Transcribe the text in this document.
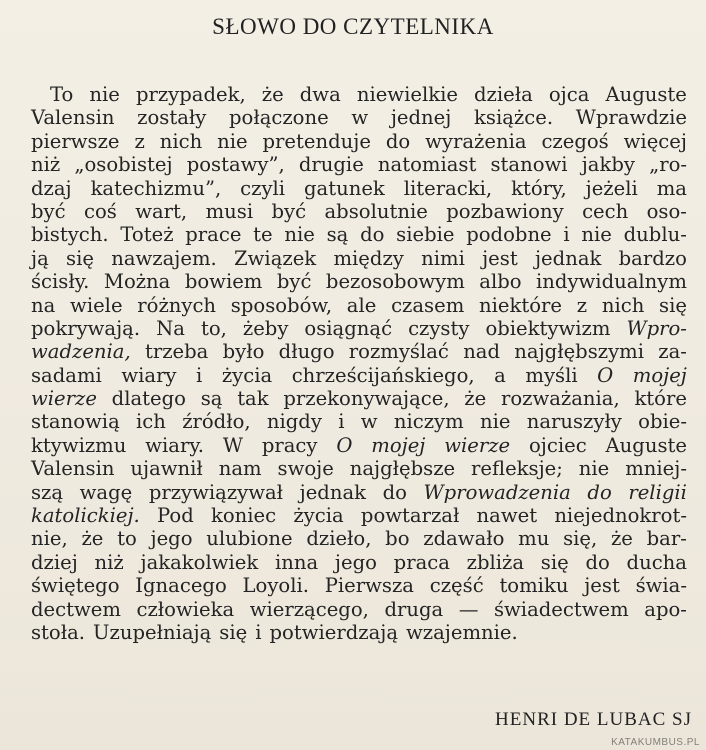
SŁOWO DO CZYTELNIKA
To nie przypadek, że dwa niewielkie dzieła ojca Auguste
Valensin zostały połączone w jednej książce. Wprawdzie
pierwsze z nich nie pretenduje do wyrażenia czegoś więcej
niż „osobistej postawy”, drugie natomiast stanowi jakby „ro-
dzaj katechizmu”, czyli gatunek literacki, który, jeżeli ma
być coś wart, musi być absolutnie pozbawiony cech oso-
bistych. Toteż prace te nie są do siebie podobne i nie dublu-
ją się nawzajem. Związek między nimi jest jednak bardzo
ścisły. Można bowiem być bezosobowym albo indywidualnym
na wiele różnych sposobów, ale czasem niektóre z nich się
pokrywają. Na to, żeby osiągnąć czysty obiektywizm Wpro-
wadzenia, trzeba było długo rozmyślać nad najgłębszymi za-
sadami wiary i życia chrześcijańskiego, a myśli O mojej
wierze dlatego są tak przekonywające, że rozważania, które
stanowią ich źródło, nigdy i w niczym nie naruszyły obie-
ktywizmu wiary. W pracy O mojej wierze ojciec Auguste
Valensin ujawnił nam swoje najgłębsze refleksje; nie mniej-
szą wagę przywiązywał jednak do Wprowadzenia do religii
katolickiej. Pod koniec życia powtarzał nawet niejednokrot-
nie, że to jego ulubione dzieło, bo zdawało mu się, że bar-
dziej niż jakakolwiek inna jego praca zbliża się do ducha
świętego Ignacego Loyoli. Pierwsza część tomiku jest świa-
dectwem człowieka wierzącego, druga — świadectwem apo-
stoła. Uzupełniają się i potwierdzają wzajemnie.
HENRI DE LUBAC SJ
KATAKUMBUS.PL
